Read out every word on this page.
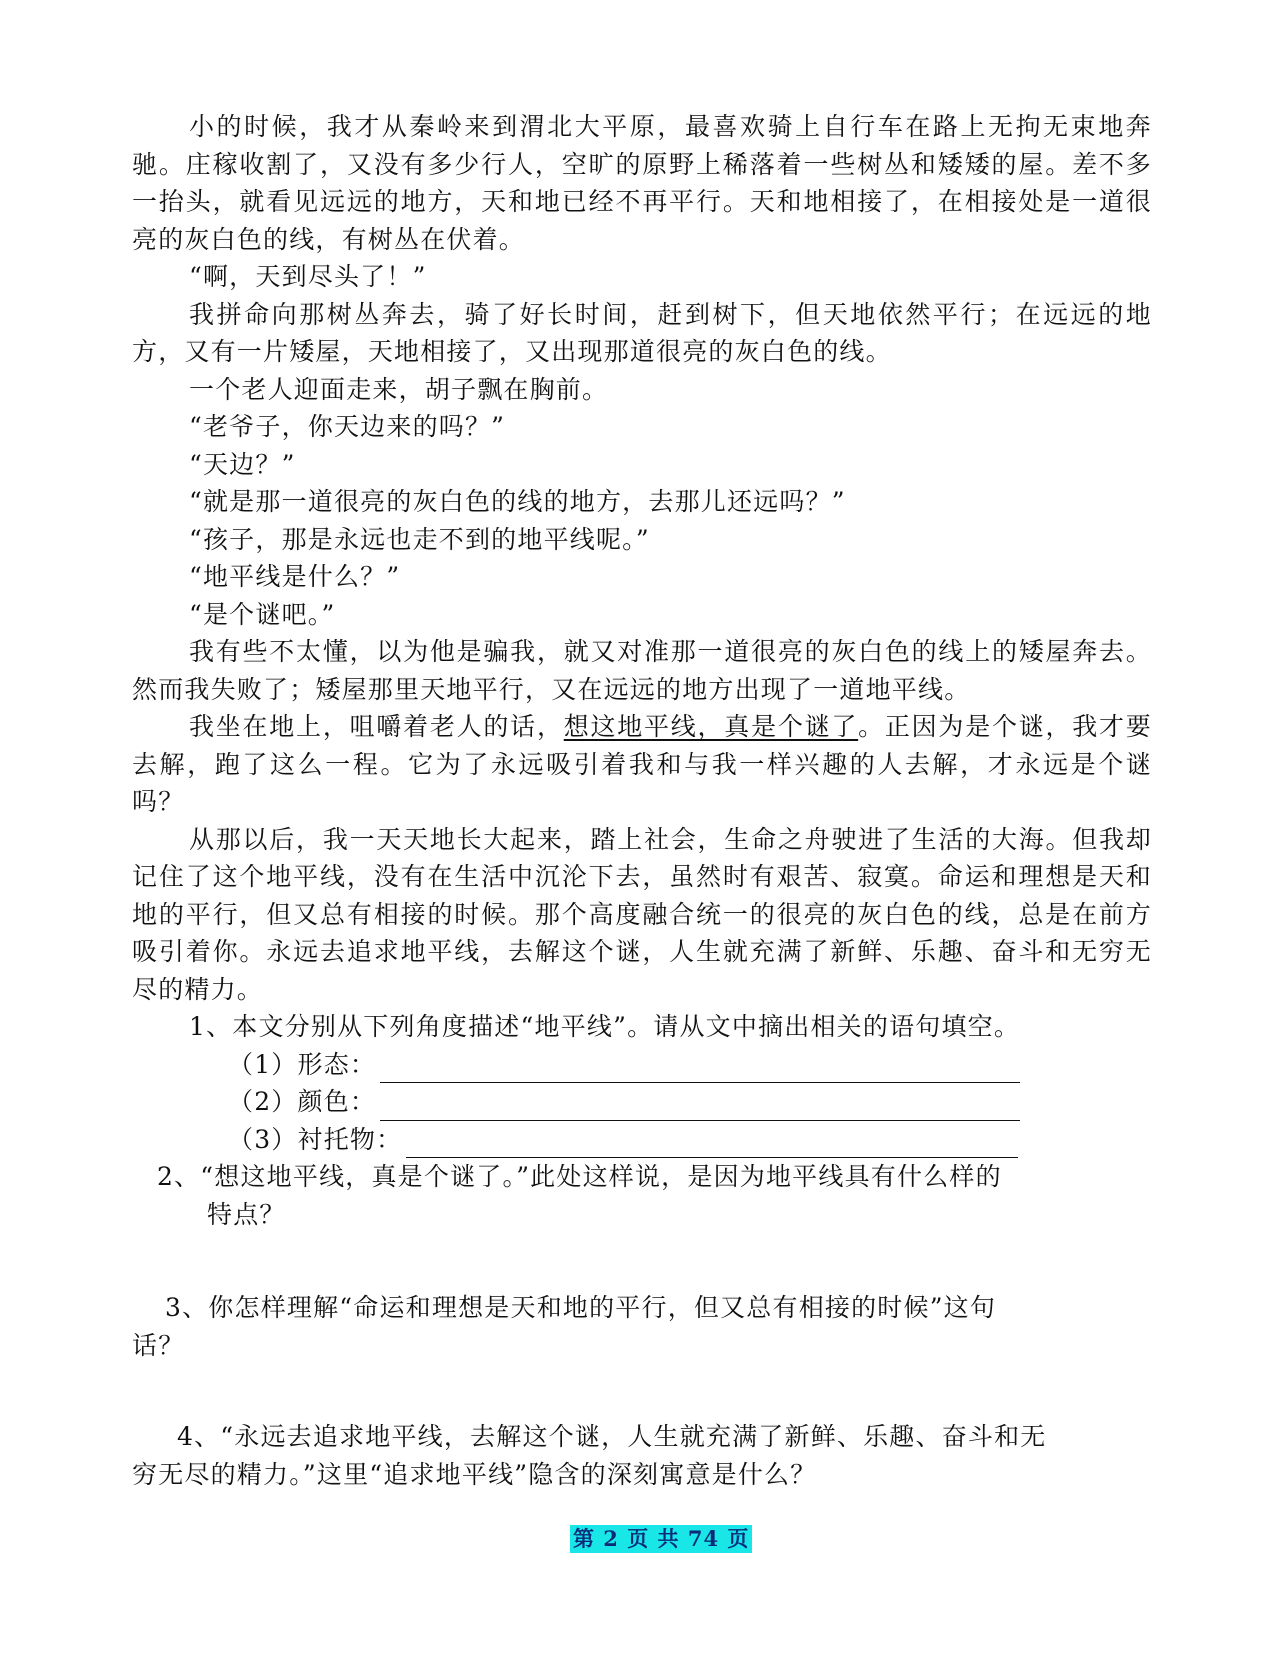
小的时候，我才从秦岭来到渭北大平原，最喜欢骑上自行车在路上无拘无束地奔驰。庄稼收割了，又没有多少行人，空旷的原野上稀落着一些树丛和矮矮的屋。差不多一抬头，就看见远远的地方，天和地已经不再平行。天和地相接了，在相接处是一道很亮的灰白色的线，有树丛在伏着。

“啊，天到尽头了！”

我拼命向那树丛奔去，骑了好长时间，赶到树下，但天地依然平行；在远远的地方，又有一片矮屋，天地相接了，又出现那道很亮的灰白色的线。

一个老人迎面走来，胡子飘在胸前。

“老爷子，你天边来的吗？”

“天边？”

“就是那一道很亮的灰白色的线的地方，去那儿还远吗？”

“孩子，那是永远也走不到的地平线呢。”

“地平线是什么？”

“是个谜吧。”

我有些不太懂，以为他是骗我，就又对准那一道很亮的灰白色的线上的矮屋奔去。然而我失败了；矮屋那里天地平行，又在远远的地方出现了一道地平线。

我坐在地上，咀嚼着老人的话，想这地平线，真是个谜了。正因为是个谜，我才要去解，跑了这么一程。它为了永远吸引着我和与我一样兴趣的人去解，才永远是个谜吗？

从那以后，我一天天地长大起来，踏上社会，生命之舟驶进了生活的大海。但我却记住了这个地平线，没有在生活中沉沦下去，虽然时有艰苦、寂寞。命运和理想是天和地的平行，但又总有相接的时候。那个高度融合统一的很亮的灰白色的线，总是在前方吸引着你。永远去追求地平线，去解这个谜，人生就充满了新鲜、乐趣、奋斗和无穷无尽的精力。

1、本文分别从下列角度描述“地平线”。请从文中摘出相关的语句填空。

（1）形态：

（2）颜色：

（3）衬托物：

2、“想这地平线，真是个谜了。”此处这样说，是因为地平线具有什么样的

特点？

3、你怎样理解“命运和理想是天和地的平行，但又总有相接的时候”这句

话？

4、“永远去追求地平线，去解这个谜，人生就充满了新鲜、乐趣、奋斗和无

穷无尽的精力。”这里“追求地平线”隐含的深刻寓意是什么？

第 2 页 共 74 页
